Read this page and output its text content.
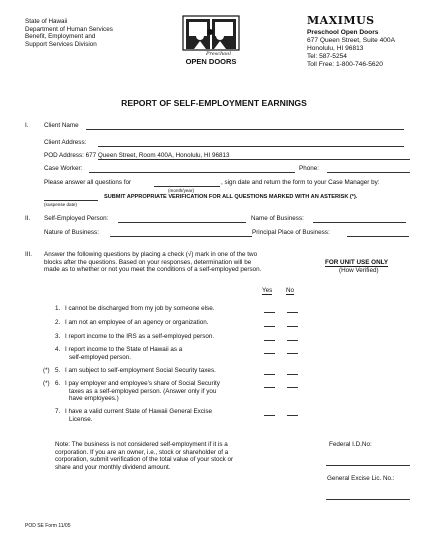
State of Hawaii
Department of Human Services
Benefit, Employment and
Support Services Division
Preschool
OPEN DOORS
MAXIMUS
Preschool Open Doors
677 Queen Street, Suite 400A
Honolulu, HI 96813
Tel: 587-5254
Toll Free: 1-800-746-5620
REPORT OF SELF-EMPLOYMENT EARNINGS
I. Client Name
Client Address:
POD Address: 677 Queen Street, Room 400A, Honolulu, HI 96813
Case Worker:	Phone:
Please answer all questions for	, sign date and return the form to your Case Manager by:
(month/year)
SUBMIT APPROPRIATE VERIFICATION FOR ALL QUESTIONS MARKED WITH AN ASTERISK (*).
(suspense date)
II. Self-Employed Person:	Name of Business:
Nature of Business:	Principal Place of Business:
III. Answer the following questions by placing a check (√) mark in one of the two
blocks after the questions. Based on your responses, determination will be
made as to whether or not you meet the conditions of a self-employed person.
FOR UNIT USE ONLY
(How Verified)
Yes No
1. I cannot be discharged from my job by someone else.
2. I am not an employee of an agency or organization.
3. I report income to the IRS as a self-employed person.
4. I report income to the State of Hawaii as a
self-employed person.
(*) 5. I am subject to self-employment Social Security taxes.
(*) 6. I pay employer and employee’s share of Social Security
taxes as a self-employed person. (Answer only if you
have employees.)
7. I have a valid current State of Hawaii General Excise
License.
Note: The business is not considered self-employment if it is a
corporation. If you are an owner, i.e., stock or shareholder of a
corporation, submit verification of the total value of your stock or
share and your monthly dividend amount.
Federal I.D.No:
General Excise Lic. No.:
POD SE Form 11/05
